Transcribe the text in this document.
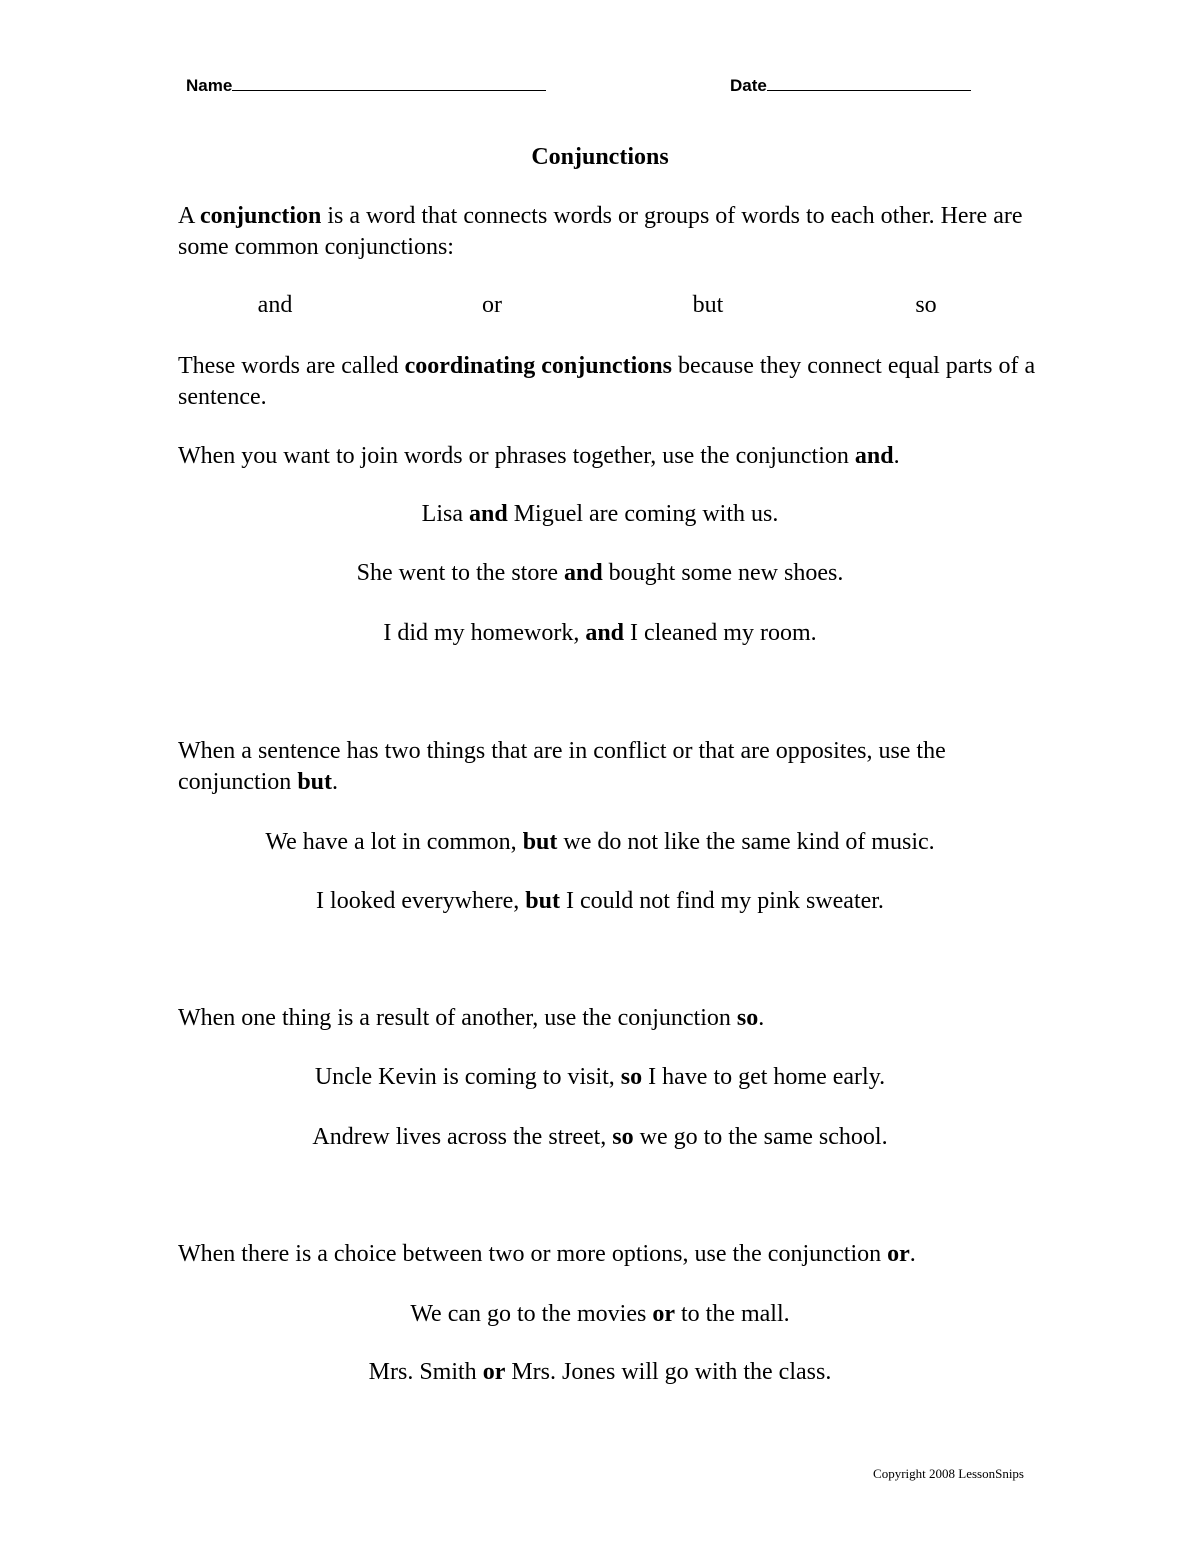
Name	Date
Conjunctions
A conjunction is a word that connects words or groups of words to each other. Here are some common conjunctions:
and	or	but	so
These words are called coordinating conjunctions because they connect equal parts of a sentence.
When you want to join words or phrases together, use the conjunction and.
Lisa and Miguel are coming with us.
She went to the store and bought some new shoes.
I did my homework, and I cleaned my room.
When a sentence has two things that are in conflict or that are opposites, use the conjunction but.
We have a lot in common, but we do not like the same kind of music.
I looked everywhere, but I could not find my pink sweater.
When one thing is a result of another, use the conjunction so.
Uncle Kevin is coming to visit, so I have to get home early.
Andrew lives across the street, so we go to the same school.
When there is a choice between two or more options, use the conjunction or.
We can go to the movies or to the mall.
Mrs. Smith or Mrs. Jones will go with the class.
Copyright 2008 LessonSnips
